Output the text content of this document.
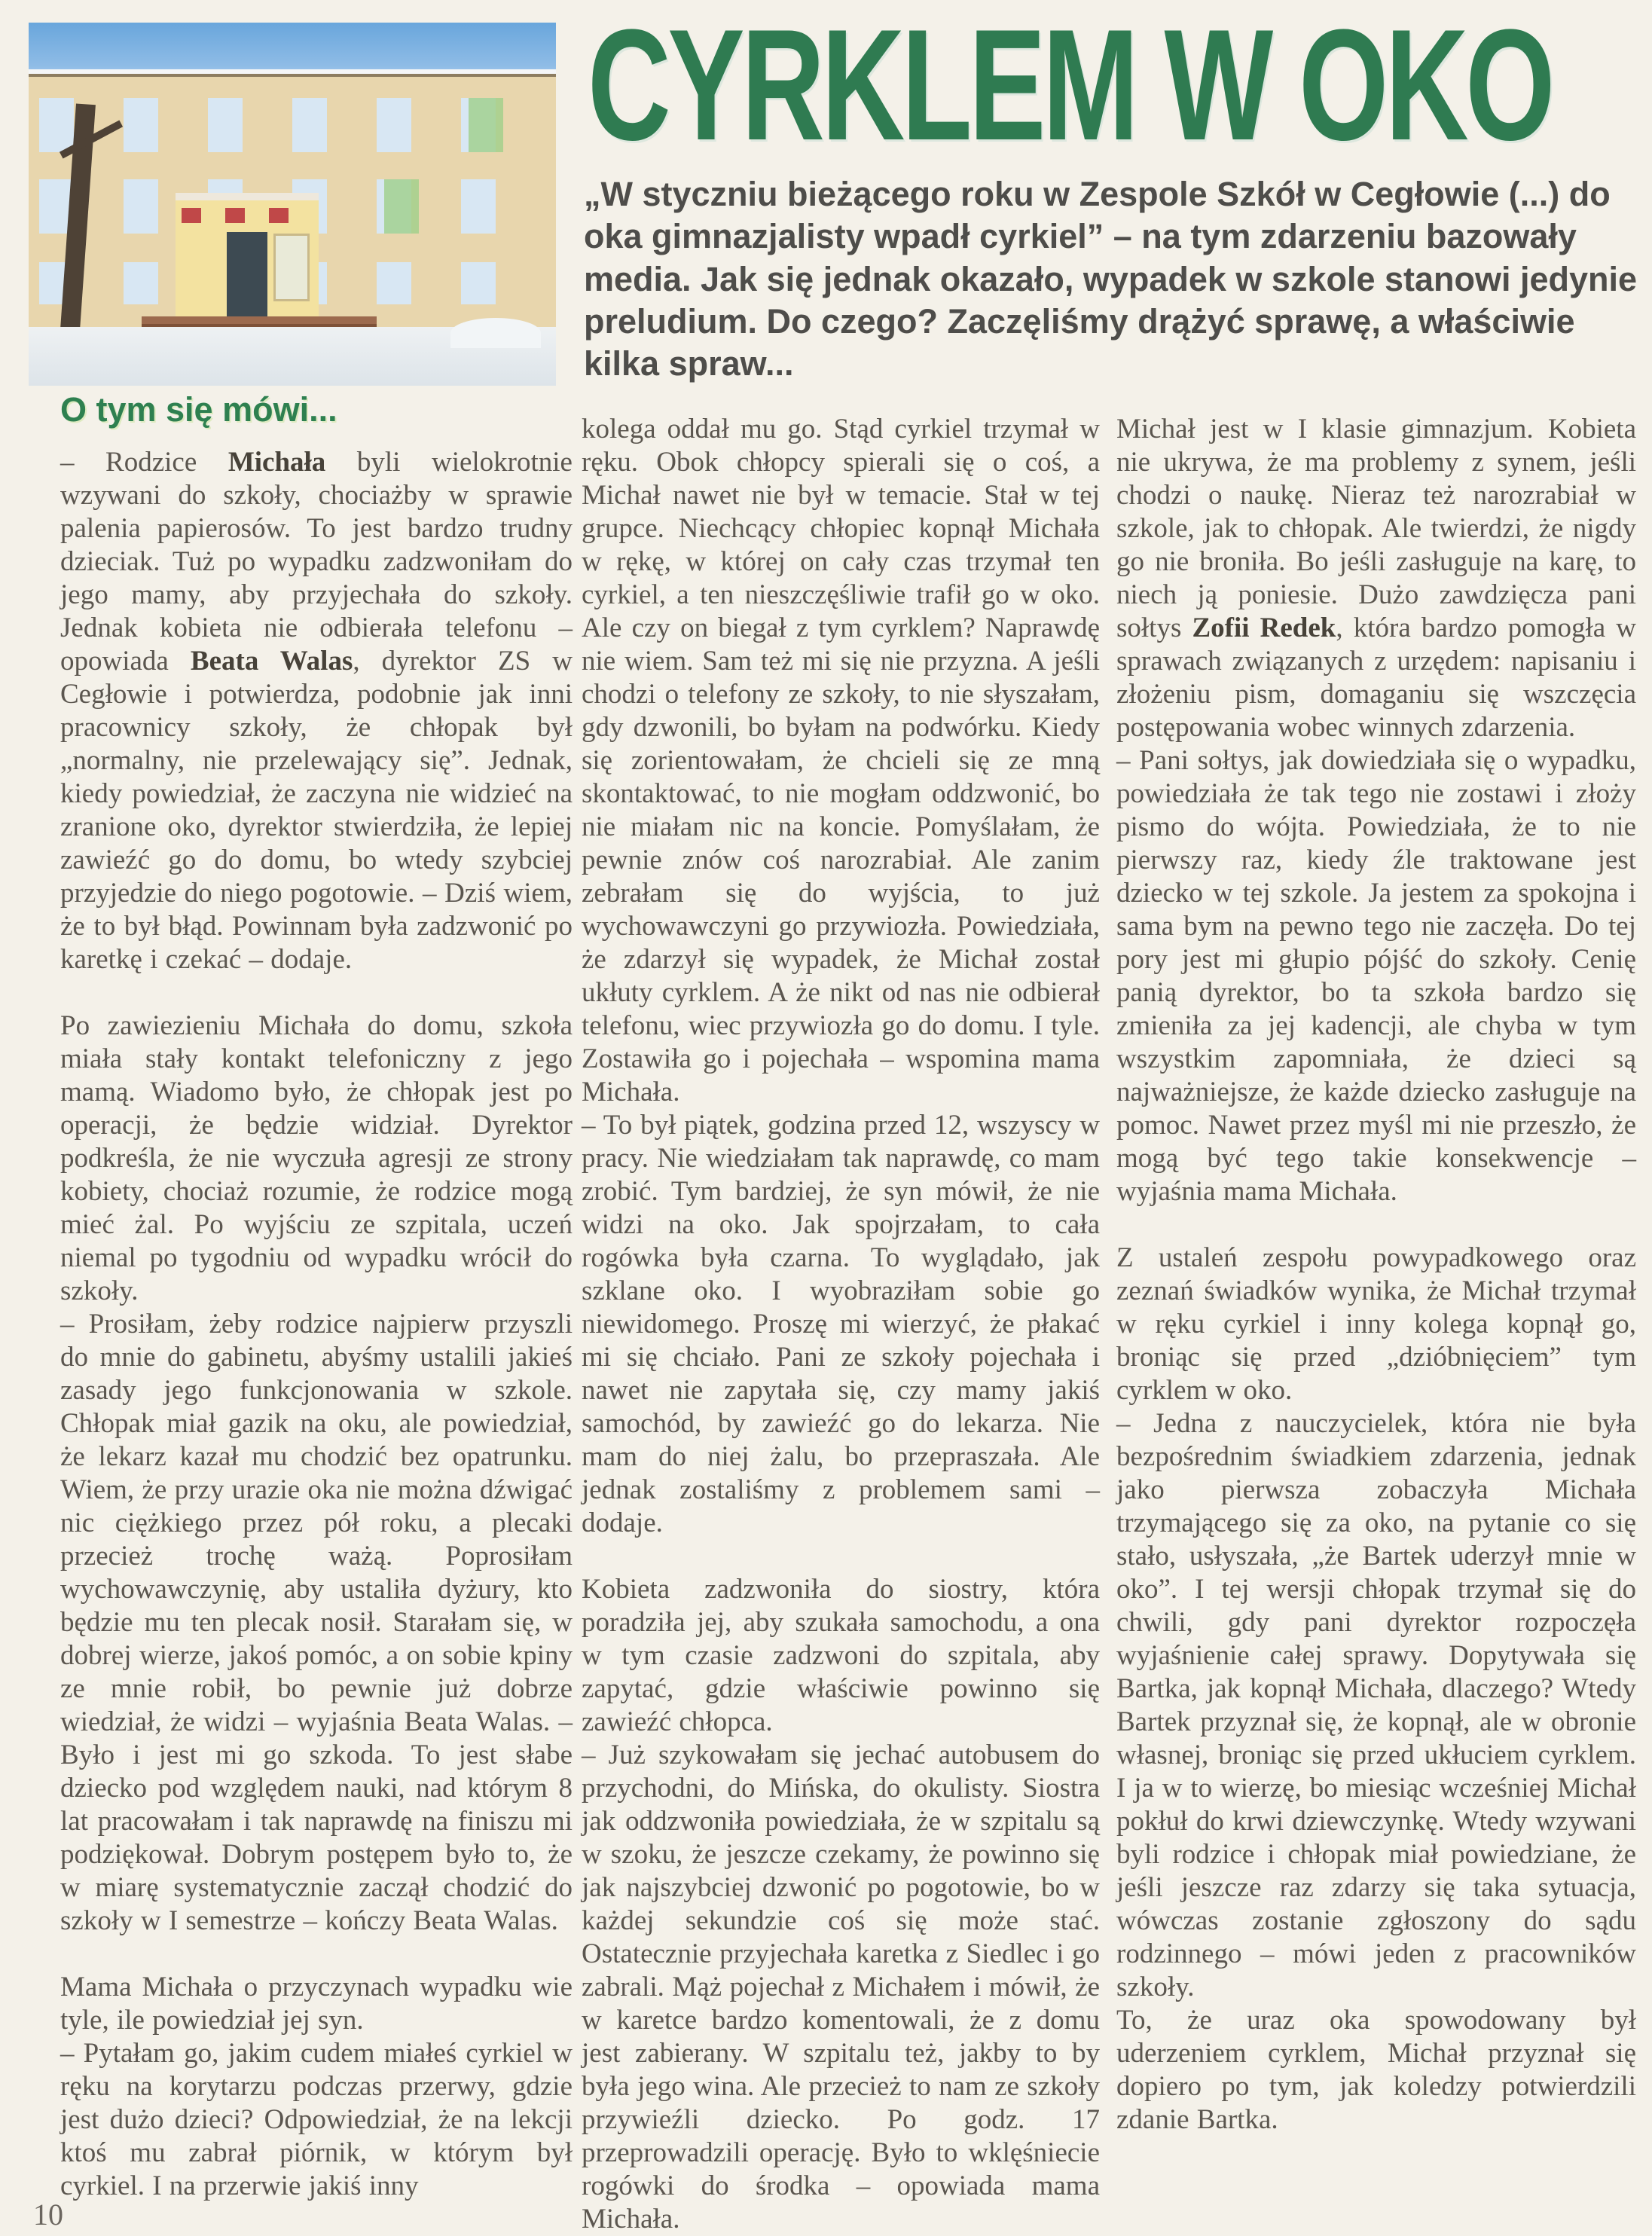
CYRKLEM W OKO

„W styczniu bieżącego roku w Zespole Szkół w Cegłowie (...) do oka gimnazjalisty wpadł cyrkiel” – na tym zdarzeniu bazowały media. Jak się jednak okazało, wypadek w szkole stanowi jedynie preludium. Do czego? Zaczęliśmy drążyć sprawę, a właściwie kilka spraw...

O tym się mówi...

– Rodzice Michała byli wielokrotnie wzywani do szkoły, chociażby w sprawie palenia papierosów. To jest bardzo trudny dzieciak. Tuż po wypadku zadzwoniłam do jego mamy, aby przyjechała do szkoły. Jednak kobieta nie odbierała telefonu – opowiada Beata Walas, dyrektor ZS w Cegłowie i potwierdza, podobnie jak inni pracownicy szkoły, że chłopak był „normalny, nie przelewający się”. Jednak, kiedy powiedział, że zaczyna nie widzieć na zranione oko, dyrektor stwierdziła, że lepiej zawieźć go do domu, bo wtedy szybciej przyjedzie do niego pogotowie. – Dziś wiem, że to był błąd. Powinnam była zadzwonić po karetkę i czekać – dodaje.

Po zawiezieniu Michała do domu, szkoła miała stały kontakt telefoniczny z jego mamą. Wiadomo było, że chłopak jest po operacji, że będzie widział. Dyrektor podkreśla, że nie wyczuła agresji ze strony kobiety, chociaż rozumie, że rodzice mogą mieć żal. Po wyjściu ze szpitala, uczeń niemal po tygodniu od wypadku wrócił do szkoły.

– Prosiłam, żeby rodzice najpierw przyszli do mnie do gabinetu, abyśmy ustalili jakieś zasady jego funkcjonowania w szkole. Chłopak miał gazik na oku, ale powiedział, że lekarz kazał mu chodzić bez opatrunku. Wiem, że przy urazie oka nie można dźwigać nic ciężkiego przez pół roku, a plecaki przecież trochę ważą. Poprosiłam wychowawczynię, aby ustaliła dyżury, kto będzie mu ten plecak nosił. Starałam się, w dobrej wierze, jakoś pomóc, a on sobie kpiny ze mnie robił, bo pewnie już dobrze wiedział, że widzi – wyjaśnia Beata Walas. – Było i jest mi go szkoda. To jest słabe dziecko pod względem nauki, nad którym 8 lat pracowałam i tak naprawdę na finiszu mi podziękował. Dobrym postępem było to, że w miarę systematycznie zaczął chodzić do szkoły w I semestrze – kończy Beata Walas.

Mama Michała o przyczynach wypadku wie tyle, ile powiedział jej syn.

– Pytałam go, jakim cudem miałeś cyrkiel w ręku na korytarzu podczas przerwy, gdzie jest dużo dzieci? Odpowiedział, że na lekcji ktoś mu zabrał piórnik, w którym był cyrkiel. I na przerwie jakiś inny

kolega oddał mu go. Stąd cyrkiel trzymał w ręku. Obok chłopcy spierali się o coś, a Michał nawet nie był w temacie. Stał w tej grupce. Niechcący chłopiec kopnął Michała w rękę, w której on cały czas trzymał ten cyrkiel, a ten nieszczęśliwie trafił go w oko. Ale czy on biegał z tym cyrklem? Naprawdę nie wiem. Sam też mi się nie przyzna. A jeśli chodzi o telefony ze szkoły, to nie słyszałam, gdy dzwonili, bo byłam na podwórku. Kiedy się zorientowałam, że chcieli się ze mną skontaktować, to nie mogłam oddzwonić, bo nie miałam nic na koncie. Pomyślałam, że pewnie znów coś narozrabiał. Ale zanim zebrałam się do wyjścia, to już wychowawczyni go przywiozła. Powiedziała, że zdarzył się wypadek, że Michał został ukłuty cyrklem. A że nikt od nas nie odbierał telefonu, wiec przywiozła go do domu. I tyle. Zostawiła go i pojechała – wspomina mama Michała.

– To był piątek, godzina przed 12, wszyscy w pracy. Nie wiedziałam tak naprawdę, co mam zrobić. Tym bardziej, że syn mówił, że nie widzi na oko. Jak spojrzałam, to cała rogówka była czarna. To wyglądało, jak szklane oko. I wyobraziłam sobie go niewidomego. Proszę mi wierzyć, że płakać mi się chciało. Pani ze szkoły pojechała i nawet nie zapytała się, czy mamy jakiś samochód, by zawieźć go do lekarza. Nie mam do niej żalu, bo przepraszała. Ale jednak zostaliśmy z problemem sami – dodaje.

Kobieta zadzwoniła do siostry, która poradziła jej, aby szukała samochodu, a ona w tym czasie zadzwoni do szpitala, aby zapytać, gdzie właściwie powinno się zawieźć chłopca.

– Już szykowałam się jechać autobusem do przychodni, do Mińska, do okulisty. Siostra jak oddzwoniła powiedziała, że w szpitalu są w szoku, że jeszcze czekamy, że powinno się jak najszybciej dzwonić po pogotowie, bo w każdej sekundzie coś się może stać. Ostatecznie przyjechała karetka z Siedlec i go zabrali. Mąż pojechał z Michałem i mówił, że w karetce bardzo komentowali, że z domu jest zabierany. W szpitalu też, jakby to by była jego wina. Ale przecież to nam ze szkoły przywieźli dziecko. Po godz. 17 przeprowadzili operację. Było to wklęśniecie rogówki do środka – opowiada mama Michała.

Michał jest w I klasie gimnazjum. Kobieta nie ukrywa, że ma problemy z synem, jeśli chodzi o naukę. Nieraz też narozrabiał w szkole, jak to chłopak. Ale twierdzi, że nigdy go nie broniła. Bo jeśli zasługuje na karę, to niech ją poniesie. Dużo zawdzięcza pani sołtys Zofii Redek, która bardzo pomogła w sprawach związanych z urzędem: napisaniu i złożeniu pism, domaganiu się wszczęcia postępowania wobec winnych zdarzenia.

– Pani sołtys, jak dowiedziała się o wypadku, powiedziała że tak tego nie zostawi i złoży pismo do wójta. Powiedziała, że to nie pierwszy raz, kiedy źle traktowane jest dziecko w tej szkole. Ja jestem za spokojna i sama bym na pewno tego nie zaczęła. Do tej pory jest mi głupio pójść do szkoły. Cenię panią dyrektor, bo ta szkoła bardzo się zmieniła za jej kadencji, ale chyba w tym wszystkim zapomniała, że dzieci są najważniejsze, że każde dziecko zasługuje na pomoc. Nawet przez myśl mi nie przeszło, że mogą być tego takie konsekwencje – wyjaśnia mama Michała.

Z ustaleń zespołu powypadkowego oraz zeznań świadków wynika, że Michał trzymał w ręku cyrkiel i inny kolega kopnął go, broniąc się przed „dzióbnięciem” tym cyrklem w oko.

– Jedna z nauczycielek, która nie była bezpośrednim świadkiem zdarzenia, jednak jako pierwsza zobaczyła Michała trzymającego się za oko, na pytanie co się stało, usłyszała, „że Bartek uderzył mnie w oko”. I tej wersji chłopak trzymał się do chwili, gdy pani dyrektor rozpoczęła wyjaśnienie całej sprawy. Dopytywała się Bartka, jak kopnął Michała, dlaczego? Wtedy Bartek przyznał się, że kopnął, ale w obronie własnej, broniąc się przed ukłuciem cyrklem. I ja w to wierzę, bo miesiąc wcześniej Michał pokłuł do krwi dziewczynkę. Wtedy wzywani byli rodzice i chłopak miał powiedziane, że jeśli jeszcze raz zdarzy się taka sytuacja, wówczas zostanie zgłoszony do sądu rodzinnego – mówi jeden z pracowników szkoły.

To, że uraz oka spowodowany był uderzeniem cyrklem, Michał przyznał się dopiero po tym, jak koledzy potwierdzili zdanie Bartka.

10
